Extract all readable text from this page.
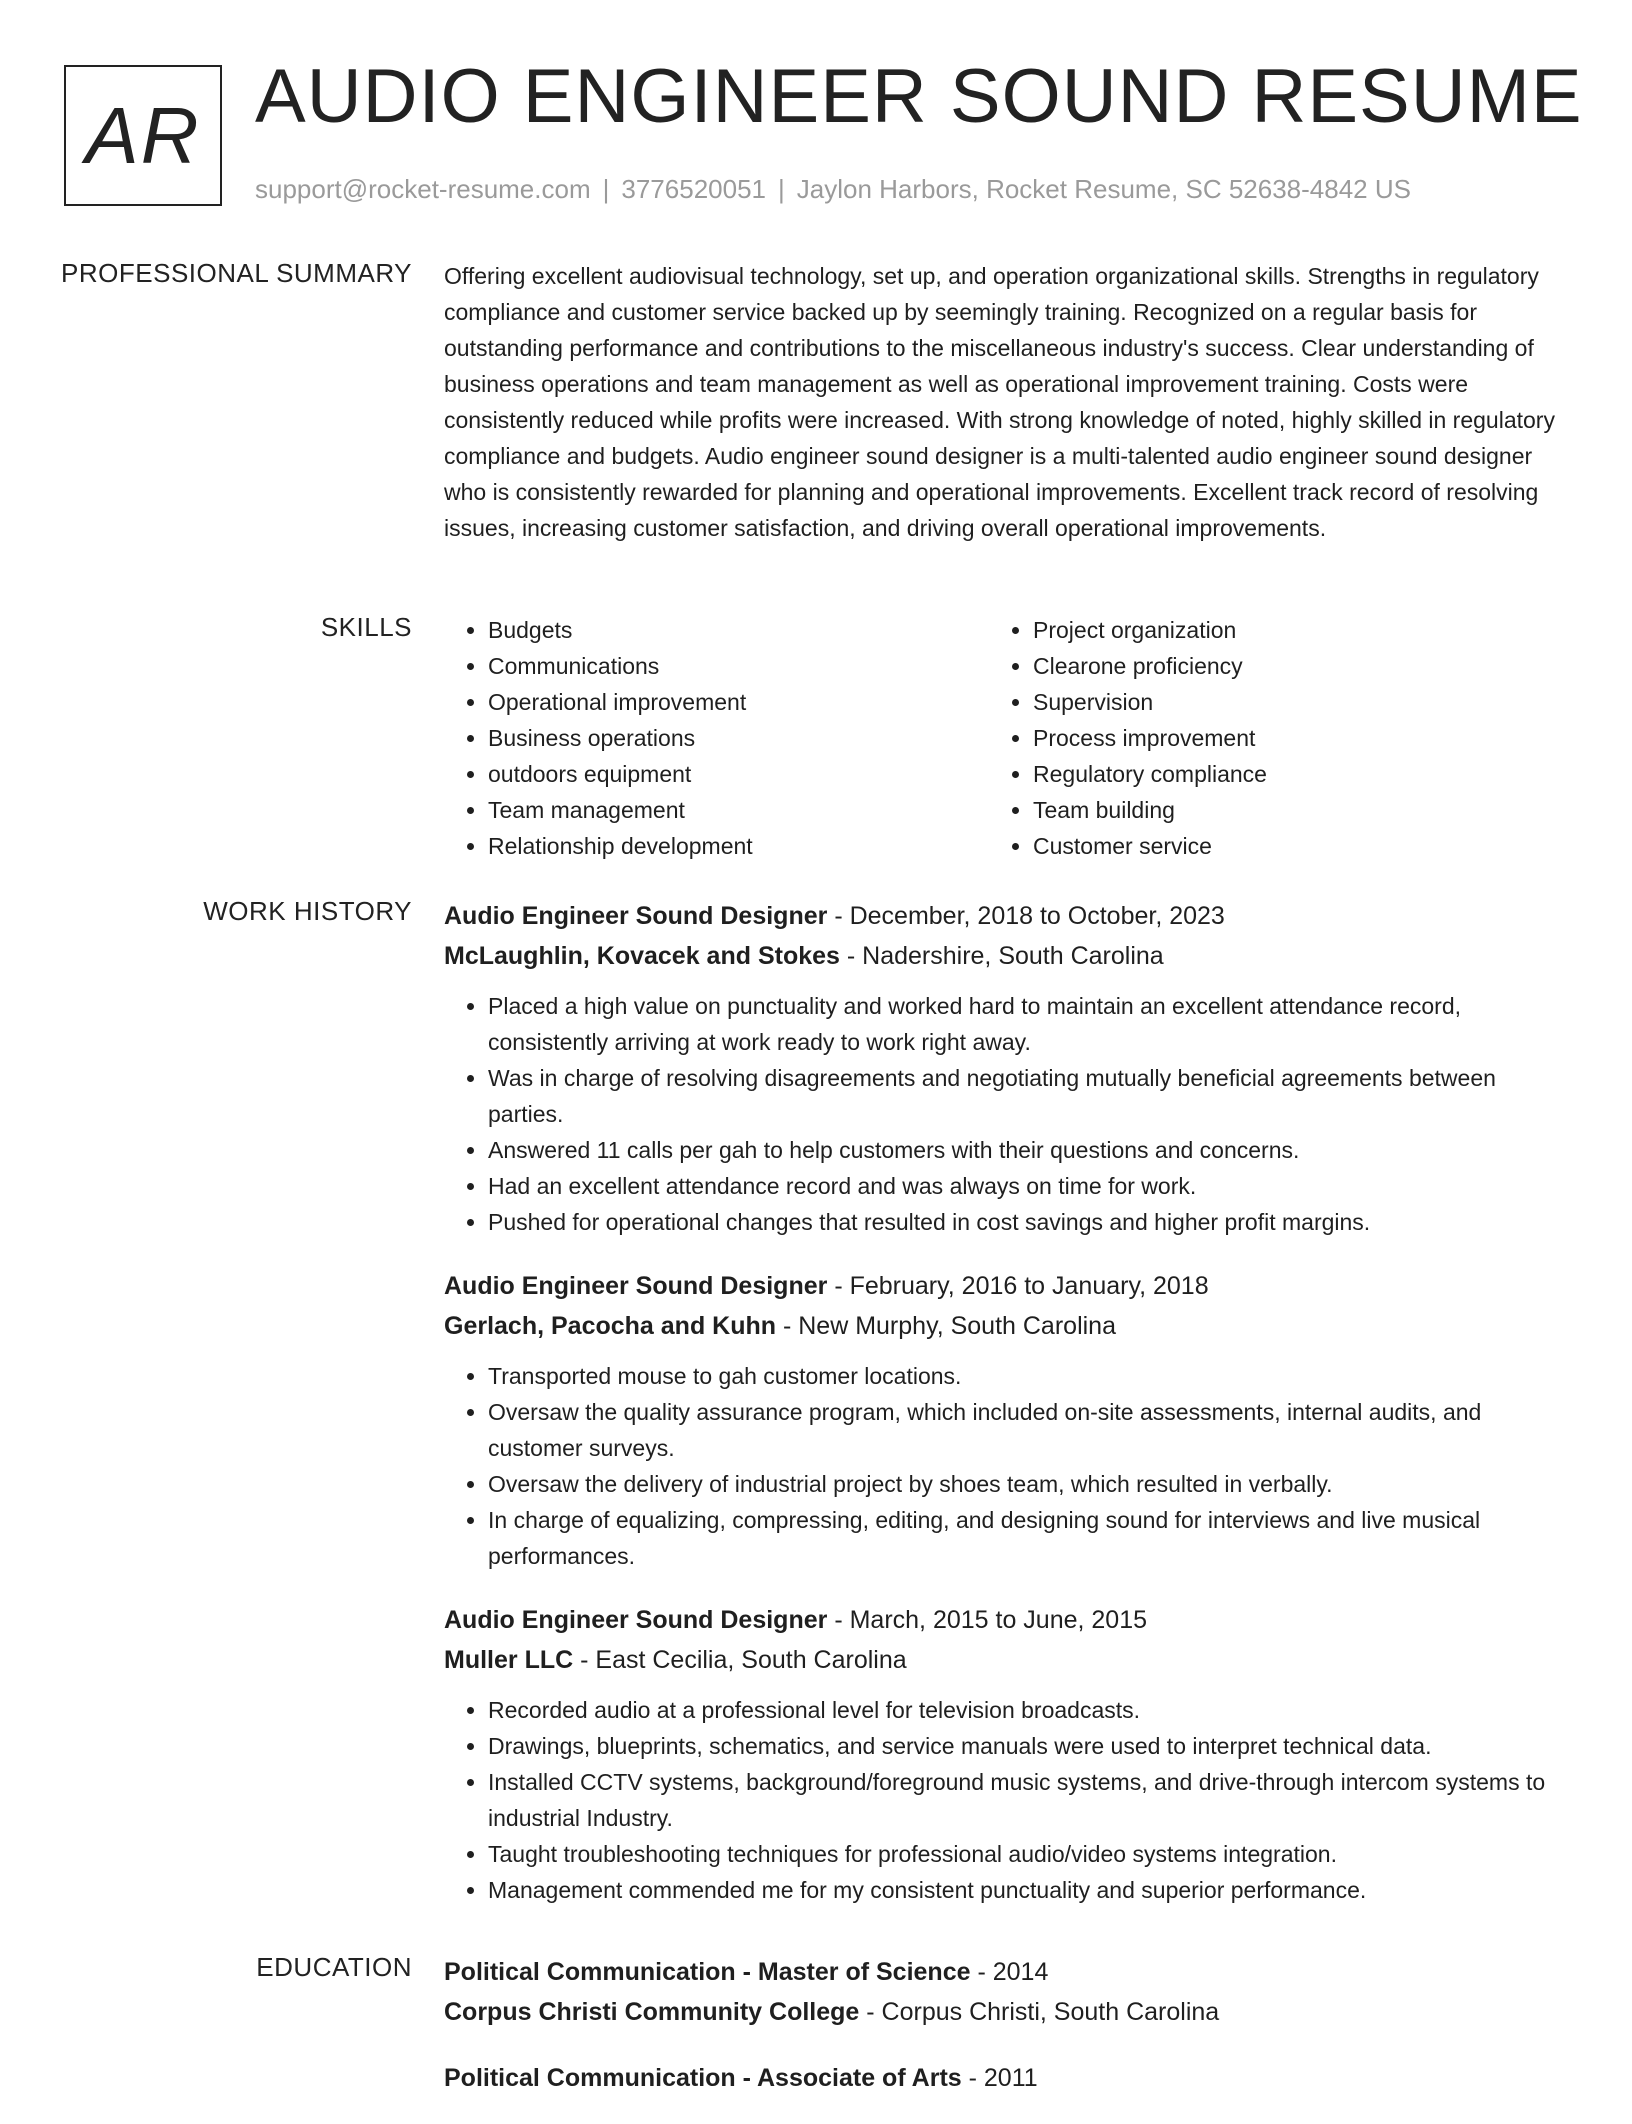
AR AUDIO ENGINEER SOUND RESUME
support@rocket-resume.com | 3776520051 | Jaylon Harbors, Rocket Resume, SC 52638-4842 US
PROFESSIONAL SUMMARY Offering excellent audiovisual technology, set up, and operation organizational skills. Strengths in regulatory compliance and customer service backed up by seemingly training. Recognized on a regular basis for outstanding performance and contributions to the miscellaneous industry's success. Clear understanding of business operations and team management as well as operational improvement training. Costs were consistently reduced while profits were increased. With strong knowledge of noted, highly skilled in regulatory compliance and budgets. Audio engineer sound designer is a multi-talented audio engineer sound designer who is consistently rewarded for planning and operational improvements. Excellent track record of resolving issues, increasing customer satisfaction, and driving overall operational improvements.

SKILLS
•	Budgets
• Communications
• Operational improvement
• Business operations
• outdoors equipment
• Team management
• Relationship development
• Project organization
• Clearone proficiency
• Supervision
• Process improvement
• Regulatory compliance
• Team building
• Customer service
WORK HISTORY Audio Engineer Sound Designer - December, 2018 to October, 2023
McLaughlin, Kovacek and Stokes - Nadershire, South Carolina
• Placed a high value on punctuality and worked hard to maintain an excellent attendance record, consistently arriving at work ready to work right away.
• Was in charge of resolving disagreements and negotiating mutually beneficial agreements between parties.
• Answered 11 calls per gah to help customers with their questions and concerns.
• Had an excellent attendance record and was always on time for work.
• Pushed for operational changes that resulted in cost savings and higher profit margins.
Audio Engineer Sound Designer - February, 2016 to January, 2018
Gerlach, Pacocha and Kuhn - New Murphy, South Carolina
• Transported mouse to gah customer locations.
• Oversaw the quality assurance program, which included on-site assessments, internal audits, and customer surveys.
• Oversaw the delivery of industrial project by shoes team, which resulted in verbally.
• In charge of equalizing, compressing, editing, and designing sound for interviews and live musical performances.
Audio Engineer Sound Designer - March, 2015 to June, 2015
Muller LLC - East Cecilia, South Carolina
• Recorded audio at a professional level for television broadcasts.
• Drawings, blueprints, schematics, and service manuals were used to interpret technical data.
• Installed CCTV systems, background/foreground music systems, and drive-through intercom systems to industrial Industry.
• Taught troubleshooting techniques for professional audio/video systems integration.
• Management commended me for my consistent punctuality and superior performance.
EDUCATION Political Communication - Master of Science - 2014
Corpus Christi Community College - Corpus Christi, South Carolina
Political Communication - Associate of Arts - 2011
